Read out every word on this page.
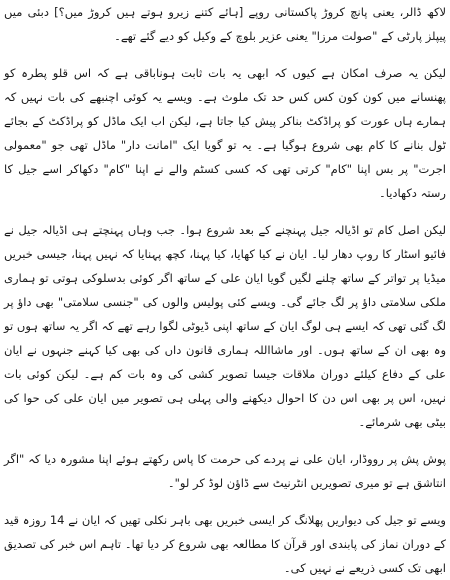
لاکھ ڈالر، یعنی پانچ کروڑ پاکستانی روپے [ہائے کتنے زیرو ہوتے ہیں کروڑ میں؟] دبئی میں پیپلز پارٹی کے "صولت مرزا" یعنی عزیر بلوچ کے وکیل کو دیے گئے تھے۔

لیکن یہ صرف امکان ہے کیوں کہ ابھی یہ بات ثابت ہوناباقی ہے کہ اس قلو پطرہ کو پھنسانے میں کون کون کس کس حد تک ملوث ہے۔ ویسے یہ کوئی اچنبھے کی بات نہیں کہ ہمارے ہاں عورت کو پراڈکٹ بناکر پیش کیا جاتا ہے، لیکن اب ایک ماڈل کو پراڈکٹ کے بجائے ٹول بنانے کا کام بھی شروع ہوگیا ہے۔ یہ تو گویا ایک "امانت دار" ماڈل تھی جو "معمولی اجرت" پر بس اپنا "کام" کرتی تھی کہ کسی کسٹم والے نے اپنا "کام" دکھاکر اسے جیل کا رستہ دکھادیا۔

لیکن اصل کام تو اڈیالہ جیل پہنچنے کے بعد شروع ہوا۔ جب وہاں پہنچتے ہی اڈیالہ جیل نے فائیو اسٹار کا روپ دھار لیا۔ ایان نے کیا کھایا، کیا پہنا، کچھ پہنایا کہ نہیں پہنا، جیسی خبریں میڈیا پر تواتر کے ساتھ چلنے لگیں گویا ایان علی کے ساتھ اگر کوئی بدسلوکی ہوتی تو ہماری ملکی سلامتی داؤ پر لگ جائے گی۔ ویسے کئی پولیس والوں کی "جنسی سلامتی" بھی داؤ پر لگ گئی تھی کہ ایسے ہی لوگ ایان کے ساتھ اپنی ڈیوٹی لگوا رہے تھے کہ اگر یہ ساتھ ہوں تو وہ بھی ان کے ساتھ ہوں۔ اور ماشااللہ ہماری قانون داں کی بھی کیا کہنے جنہوں نے ایان علی کے دفاع کیلئے دوران ملاقات جیسا تصویر کشی کی وہ بات کم ہے۔ لیکن کوئی بات نہیں، اس پر بھی اس دن کا احوال دیکھنے والی پہلی ہی تصویر میں ایان علی کی حوا کی بیٹی بھی شرمائے۔

پوش پش پر رووڈار، ایان علی نے پردے کی حرمت کا پاس رکھتے ہوئے اپنا مشورہ دیا کہ "اگر انتاشق ہے تو میری تصویریں انٹرنیٹ سے ڈاؤن لوڈ کر لو"۔

ویسے تو جیل کی دیواریں پھلانگ کر ایسی خبریں بھی باہر نکلی تھیں کہ ایان نے 14 روزہ قید کے دوران نماز کی پابندی اور قرآن کا مطالعہ بھی شروع کر دیا تھا۔ تاہم اس خبر کی تصدیق ابھی تک کسی ذریعے نے نہیں کی۔
